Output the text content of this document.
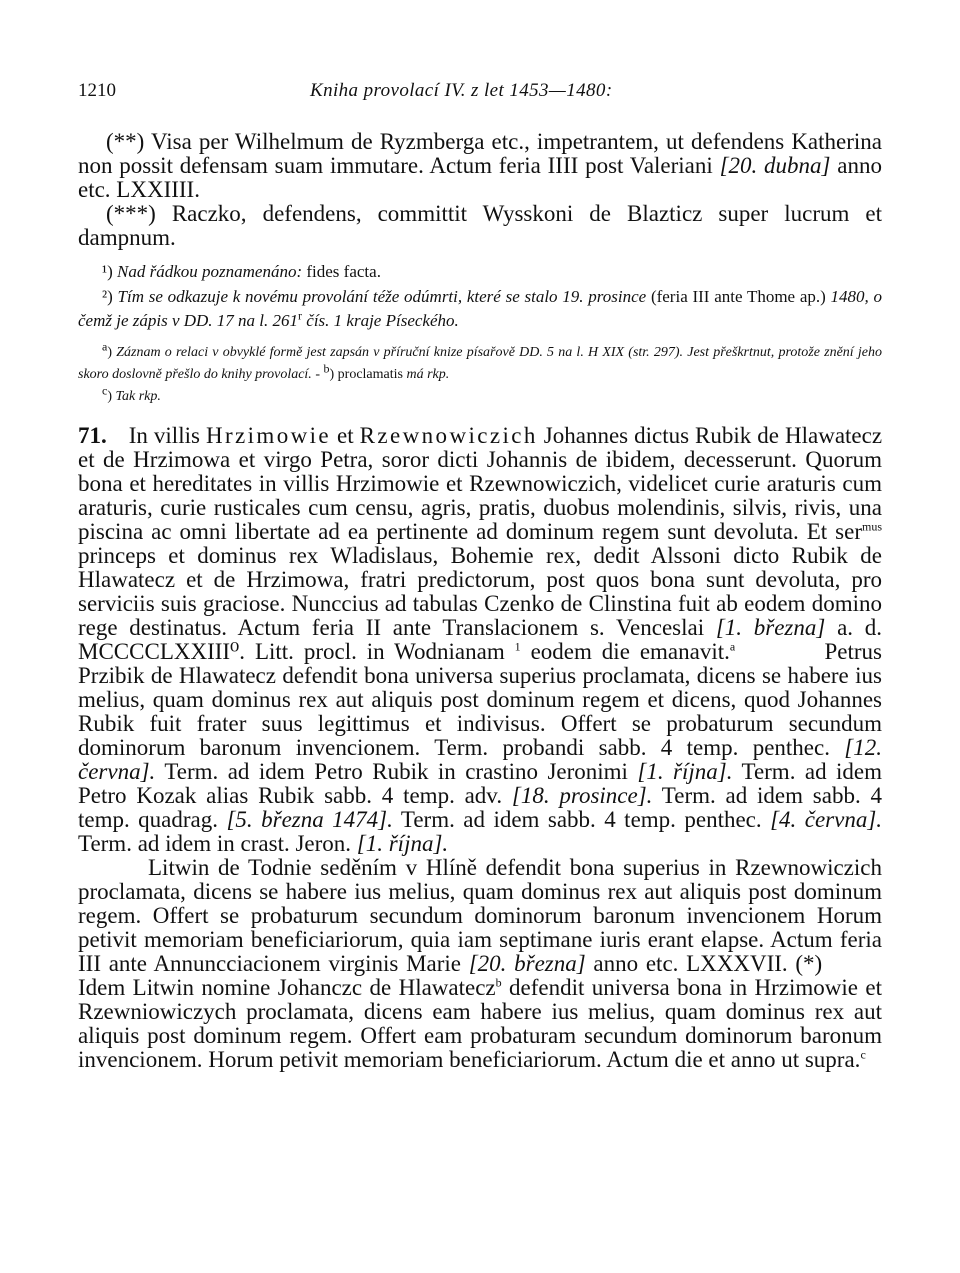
1210	Kniha provolací IV. z let 1453—1480:

(**) Visa per Wilhelmum de Ryzmberga etc., impetrantem, ut defendens Katherina non possit defensam suam immutare. Actum feria IIII post Valeriani [20. dubna] anno etc. LXXIIII.

(***) Raczko, defendens, committit Wysskoni de Blazticz super lucrum et dampnum.

¹) Nad řádkou poznamenáno: fides facta.

²) Tím se odkazuje k novému provolání téže odúmrti, které se stalo 19. prosince (feria III ante Thome ap.) 1480, o čemž je zápis v DD. 17 na l. 261$^r$ čís. 1 kraje Píseckého.

$^a$) Záznam o relaci v obvyklé formě jest zapsán v příruční knize písařově DD. 5 na l. H XIX (str. 297). Jest přeškrtnut, protože znění jeho skoro doslovně přešlo do knihy provolací. - $^b$) proclamatis má rkp.

$^c$) Tak rkp.

71. In villis Hrzimowie et Rzewnowiczich Johannes dictus Rubik de Hlawatecz et de Hrzimowa et virgo Petra, soror dicti Johannis de ibidem, decesserunt. Quorum bona et hereditates in villis Hrzimowie et Rzewnowiczich, videlicet curie araturis cum araturis, curie rusticales cum censu, agris, pratis, duobus molendinis, silvis, rivis, una piscina ac omni libertate ad ea pertinente ad dominum regem sunt devoluta. Et ser$^{mus}$ princeps et dominus rex Wladislaus, Bohemie rex, dedit Alssoni dicto Rubik de Hlawatecz et de Hrzimowa, fratri predictorum, post quos bona sunt devoluta, pro serviciis suis graciose. Nunccius ad tabulas Czenko de Clinstina fuit ab eodem domino rege destinatus. Actum feria II ante Translacionem s. Venceslai [1. března] a. d. MCCCCLXXIII⁰. Litt. procl. in Wodnianam $^1$ eodem die emanavit.$^a$	Petrus Przibik de Hlawatecz defendit bona universa superius proclamata, dicens se habere ius melius, quam dominus rex aut aliquis post dominum regem et dicens, quod Johannes Rubik fuit frater suus legittimus et indivisus. Offert se probaturum secundum dominorum baronum invencionem. Term. probandi sabb. 4 temp. penthec. [12. června]. Term. ad idem Petro Rubik in crastino Jeronimi [1. října]. Term. ad idem Petro Kozak alias Rubik sabb. 4 temp. adv. [18. prosince]. Term. ad idem sabb. 4 temp. quadrag. [5. března 1474]. Term. ad idem sabb. 4 temp. penthec. [4. června]. Term. ad idem in crast. Jeron. [1. října].

Litwin de Todnie seděním v Hlíně defendit bona superius in Rzewnowiczich proclamata, dicens se habere ius melius, quam dominus rex aut aliquis post dominum regem. Offert se probaturum secundum dominorum baronum invencionem Horum petivit memoriam beneficiariorum, quia iam septimane iuris erant elapse. Actum feria III ante Annuncciacionem virginis Marie [20. března] anno etc. LXXXVII. (*)         Idem Litwin nomine Johanczc de Hlawatecz$^b$ defendit universa bona in Hrzimowie et Rzewniowiczych proclamata, dicens eam habere ius melius, quam dominus rex aut aliquis post dominum regem. Offert eam probaturam secundum dominorum baronum invencionem. Horum petivit memoriam beneficiariorum. Actum die et anno ut supra.$^c$
